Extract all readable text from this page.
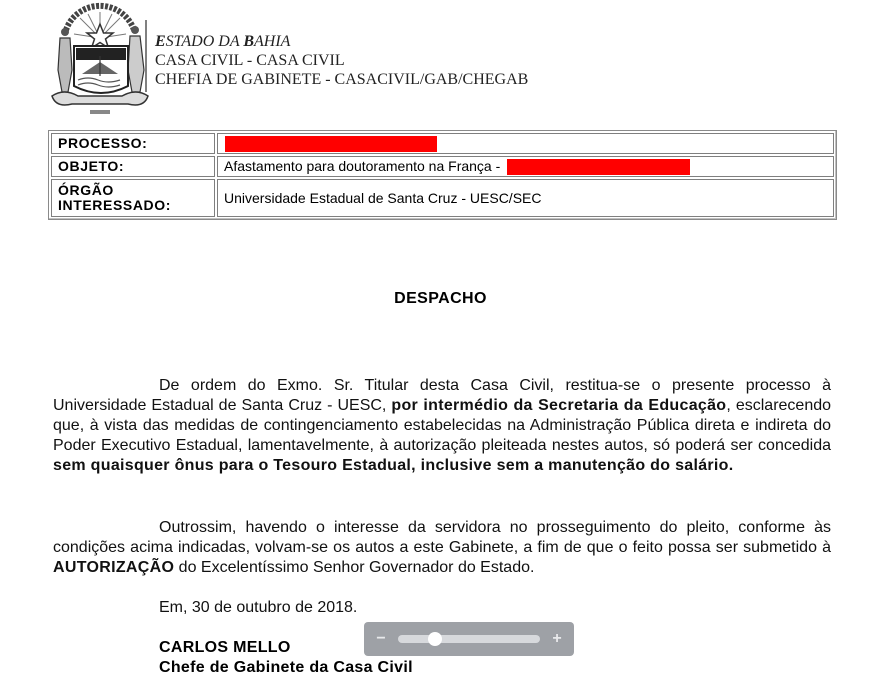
ESTADO DA BAHIA
CASA CIVIL - CASA CIVIL
CHEFIA DE GABINETE - CASACIVIL/GAB/CHEGAB
PROCESSO:	
OBJETO:	Afastamento para doutoramento na França -
ÓRGÃO
INTERESSADO:	Universidade Estadual de Santa Cruz - UESC/SEC
DESPACHO
De ordem do Exmo. Sr. Titular desta Casa Civil, restitua-se o presente processo à Universidade Estadual de Santa Cruz - UESC, por intermédio da Secretaria da Educação, esclarecendo que, à vista das medidas de contingenciamento estabelecidas na Administração Pública direta e indireta do Poder Executivo Estadual, lamentavelmente, à autorização pleiteada nestes autos, só poderá ser concedida sem quaisquer ônus para o Tesouro Estadual, inclusive sem a manutenção do salário.
Outrossim, havendo o interesse da servidora no prosseguimento do pleito, conforme às condições acima indicadas, volvam-se os autos a este Gabinete, a fim de que o feito possa ser submetido à AUTORIZAÇÃO do Excelentíssimo Senhor Governador do Estado.
Em, 30 de outubro de 2018.
CARLOS MELLO
Chefe de Gabinete da Casa Civil
−	+
